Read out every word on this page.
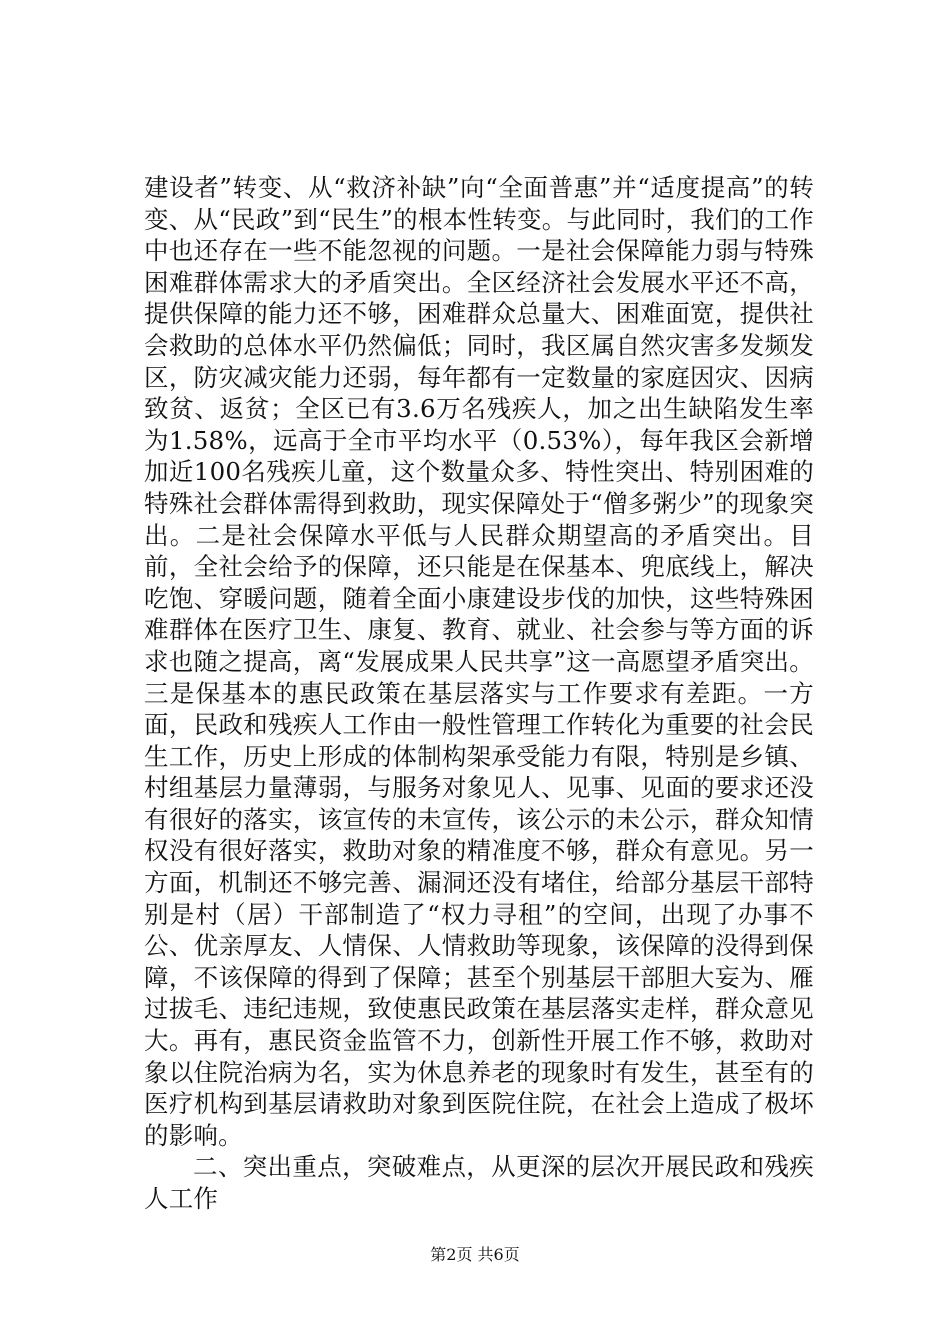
建设者”转变、从“救济补缺”向“全面普惠”并“适度提高”的转变、从“民政”到“民生”的根本性转变。与此同时，我们的工作中也还存在一些不能忽视的问题。一是社会保障能力弱与特殊困难群体需求大的矛盾突出。全区经济社会发展水平还不高，提供保障的能力还不够，困难群众总量大、困难面宽，提供社会救助的总体水平仍然偏低；同时，我区属自然灾害多发频发区，防灾减灾能力还弱，每年都有一定数量的家庭因灾、因病致贫、返贫；全区已有3.6万名残疾人，加之出生缺陷发生率为1.58%，远高于全市平均水平（0.53%），每年我区会新增加近100名残疾儿童，这个数量众多、特性突出、特别困难的特殊社会群体需得到救助，现实保障处于“僧多粥少”的现象突出。二是社会保障水平低与人民群众期望高的矛盾突出。目前，全社会给予的保障，还只能是在保基本、兜底线上，解决吃饱、穿暖问题，随着全面小康建设步伐的加快，这些特殊困难群体在医疗卫生、康复、教育、就业、社会参与等方面的诉求也随之提高，离“发展成果人民共享”这一高愿望矛盾突出。三是保基本的惠民政策在基层落实与工作要求有差距。一方面，民政和残疾人工作由一般性管理工作转化为重要的社会民生工作，历史上形成的体制构架承受能力有限，特别是乡镇、村组基层力量薄弱，与服务对象见人、见事、见面的要求还没有很好的落实，该宣传的未宣传，该公示的未公示，群众知情权没有很好落实，救助对象的精准度不够，群众有意见。另一方面，机制还不够完善、漏洞还没有堵住，给部分基层干部特别是村（居）干部制造了“权力寻租”的空间，出现了办事不公、优亲厚友、人情保、人情救助等现象，该保障的没得到保障，不该保障的得到了保障；甚至个别基层干部胆大妄为、雁过拔毛、违纪违规，致使惠民政策在基层落实走样，群众意见大。再有，惠民资金监管不力，创新性开展工作不够，救助对象以住院治病为名，实为休息养老的现象时有发生，甚至有的医疗机构到基层请救助对象到医院住院，在社会上造成了极坏的影响。

二、突出重点，突破难点，从更深的层次开展民政和残疾人工作

第2页 共6页
